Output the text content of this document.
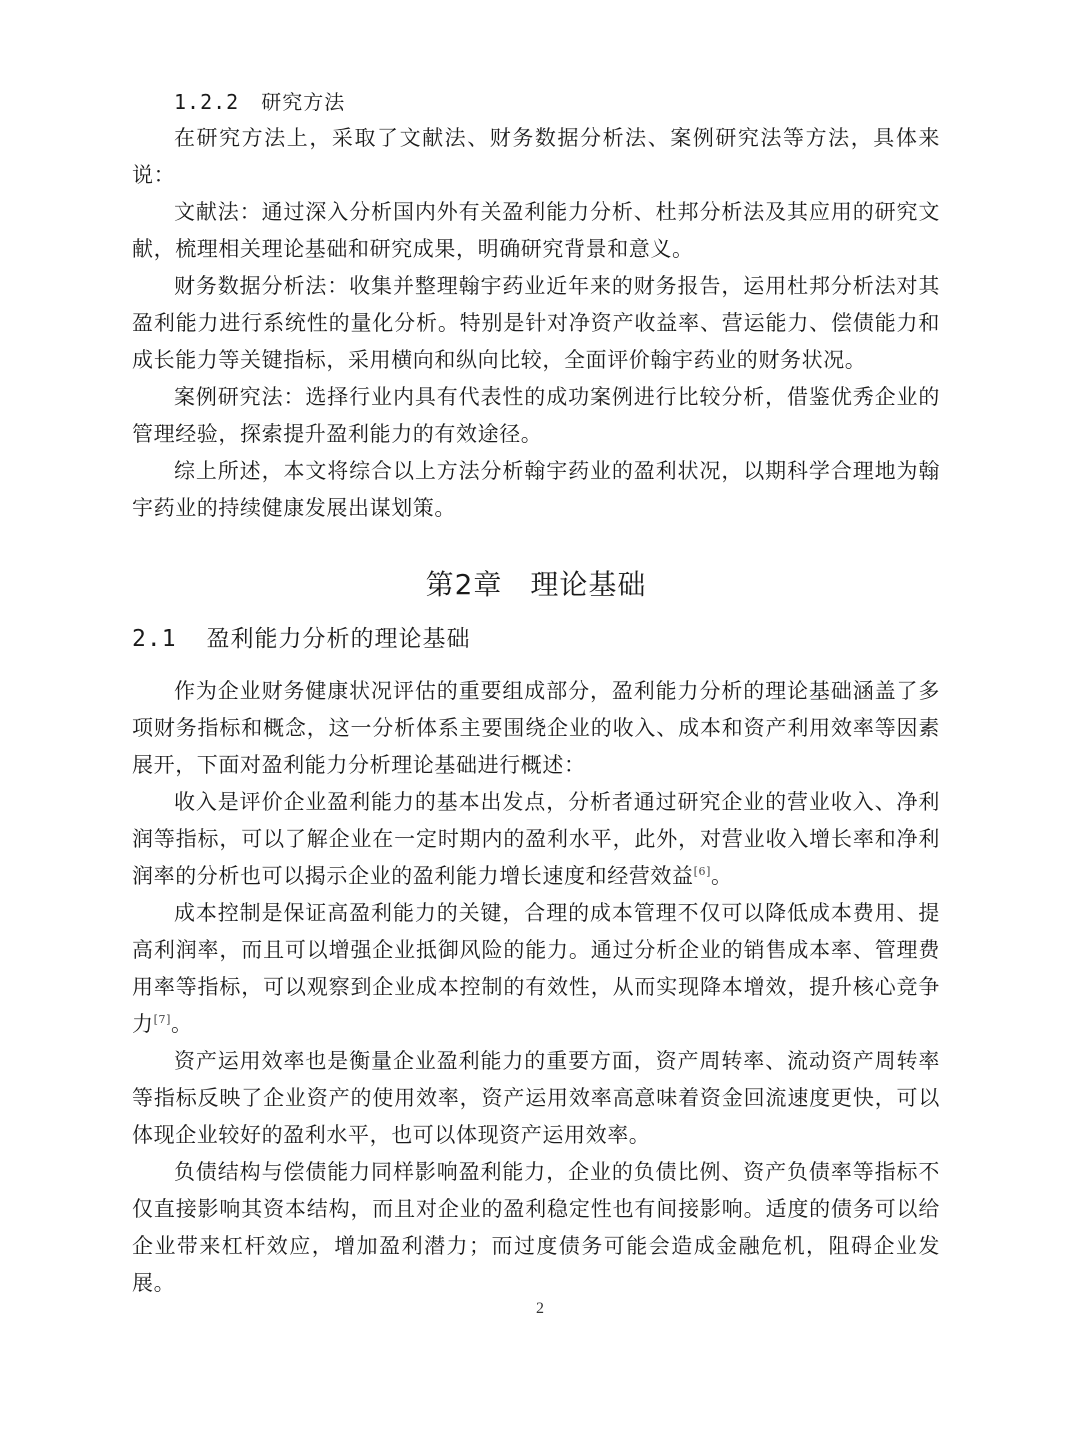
1.2.2 研究方法

在研究方法上，采取了文献法、财务数据分析法、案例研究法等方法，具体来说：

文献法：通过深入分析国内外有关盈利能力分析、杜邦分析法及其应用的研究文献，梳理相关理论基础和研究成果，明确研究背景和意义。

财务数据分析法：收集并整理翰宇药业近年来的财务报告，运用杜邦分析法对其盈利能力进行系统性的量化分析。特别是针对净资产收益率、营运能力、偿债能力和成长能力等关键指标，采用横向和纵向比较，全面评价翰宇药业的财务状况。

案例研究法：选择行业内具有代表性的成功案例进行比较分析，借鉴优秀企业的管理经验，探索提升盈利能力的有效途径。

综上所述，本文将综合以上方法分析翰宇药业的盈利状况，以期科学合理地为翰宇药业的持续健康发展出谋划策。

第2章 理论基础
2.1 盈利能力分析的理论基础

作为企业财务健康状况评估的重要组成部分，盈利能力分析的理论基础涵盖了多项财务指标和概念，这一分析体系主要围绕企业的收入、成本和资产利用效率等因素展开，下面对盈利能力分析理论基础进行概述：

收入是评价企业盈利能力的基本出发点，分析者通过研究企业的营业收入、净利润等指标，可以了解企业在一定时期内的盈利水平，此外，对营业收入增长率和净利润率的分析也可以揭示企业的盈利能力增长速度和经营效益[6]。

成本控制是保证高盈利能力的关键，合理的成本管理不仅可以降低成本费用、提高利润率，而且可以增强企业抵御风险的能力。通过分析企业的销售成本率、管理费用率等指标，可以观察到企业成本控制的有效性，从而实现降本增效，提升核心竞争力[7]。

资产运用效率也是衡量企业盈利能力的重要方面，资产周转率、流动资产周转率等指标反映了企业资产的使用效率，资产运用效率高意味着资金回流速度更快，可以体现企业较好的盈利水平，也可以体现资产运用效率。

负债结构与偿债能力同样影响盈利能力，企业的负债比例、资产负债率等指标不仅直接影响其资本结构，而且对企业的盈利稳定性也有间接影响。适度的债务可以给企业带来杠杆效应，增加盈利潜力；而过度债务可能会造成金融危机，阻碍企业发展。

2
